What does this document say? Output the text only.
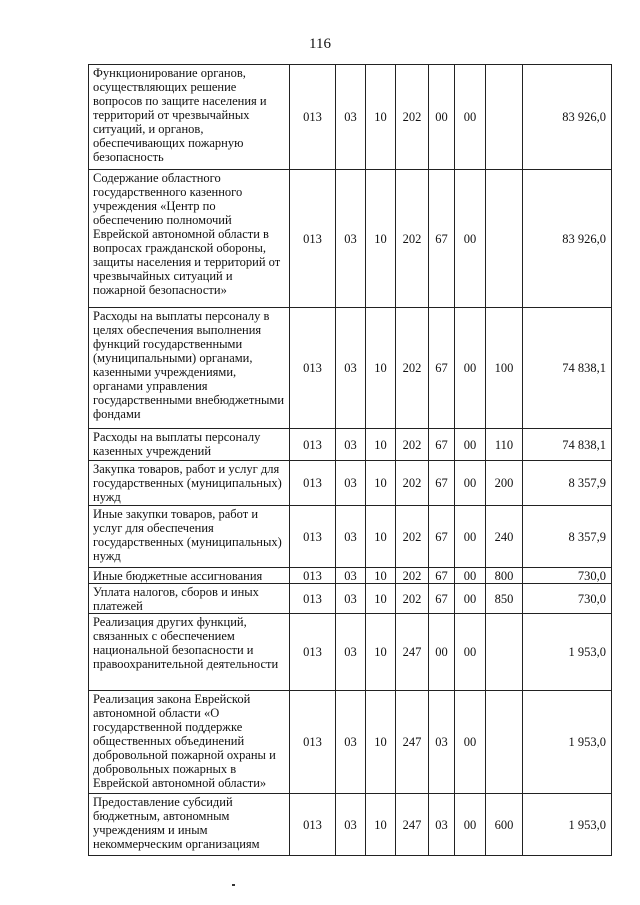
116
Функционирование органов, осуществляющих решение вопросов по защите населения и территорий от чрезвычайных ситуаций, и органов, обеспечивающих пожарную безопасность	013	03	10	202	00	00		83 926,0
Содержание областного государственного казенного учреждения «Центр по обеспечению полномочий Еврейской автономной области в вопросах гражданской обороны, защиты населения и территорий от чрезвычайных ситуаций и пожарной безопасности»	013	03	10	202	67	00		83 926,0
Расходы на выплаты персоналу в целях обеспечения выполнения функций государственными (муниципальными) органами, казенными учреждениями, органами управления государственными внебюджетными фондами	013	03	10	202	67	00	100	74 838,1
Расходы на выплаты персоналу казенных учреждений	013	03	10	202	67	00	110	74 838,1
Закупка товаров, работ и услуг для государственных (муниципальных) нужд	013	03	10	202	67	00	200	8 357,9
Иные закупки товаров, работ и услуг для обеспечения государственных (муниципальных) нужд	013	03	10	202	67	00	240	8 357,9
Иные бюджетные ассигнования	013	03	10	202	67	00	800	730,0
Уплата налогов, сборов и иных платежей	013	03	10	202	67	00	850	730,0
Реализация других функций, связанных с обеспечением национальной безопасности и правоохранительной деятельности	013	03	10	247	00	00		1 953,0
Реализация закона Еврейской автономной области «О государственной поддержке общественных объединений добровольной пожарной охраны и добровольных пожарных в Еврейской автономной области»	013	03	10	247	03	00		1 953,0
Предоставление субсидий бюджетным, автономным учреждениям и иным некоммерческим организациям	013	03	10	247	03	00	600	1 953,0
